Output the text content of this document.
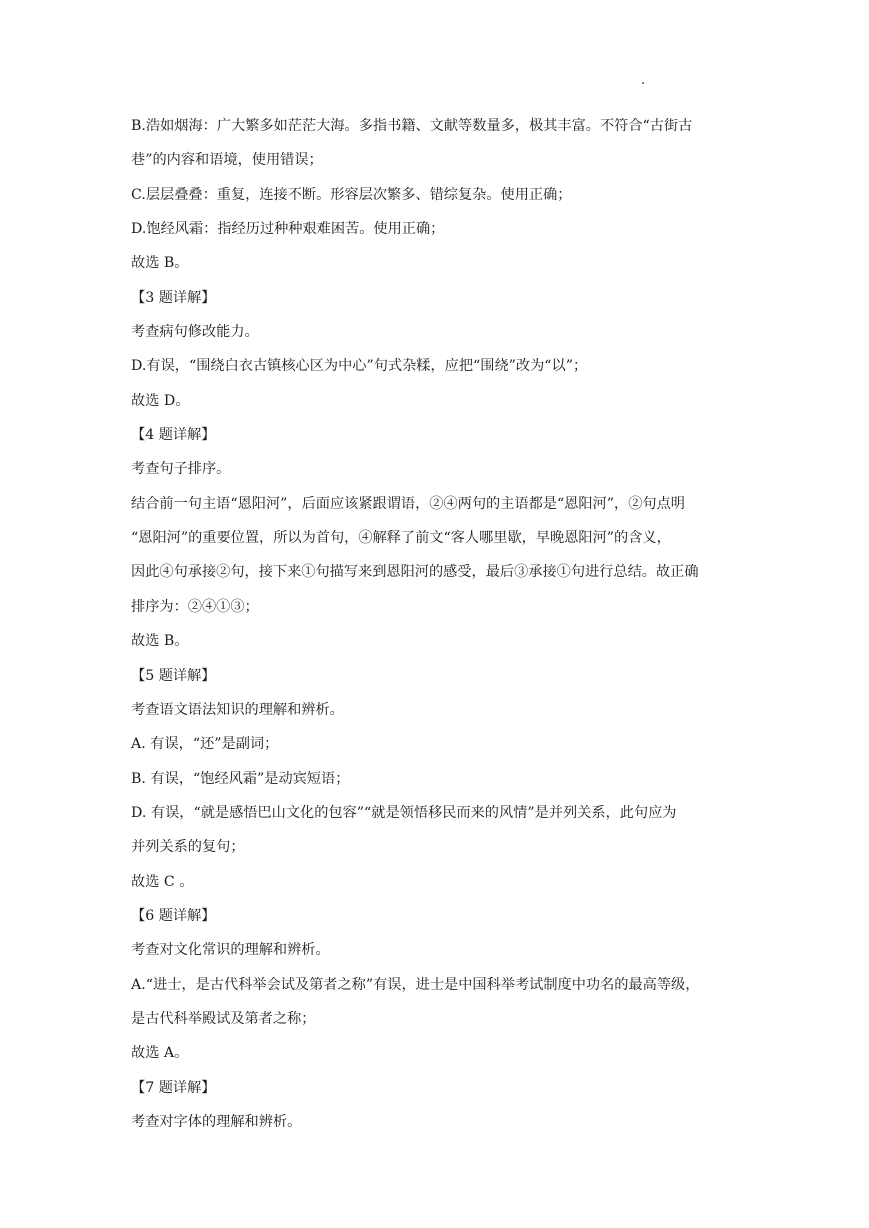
B.浩如烟海：广大繁多如茫茫大海。多指书籍、文献等数量多，极其丰富。不符合“古街古
巷”的内容和语境，使用错误；
C.层层叠叠：重复，连接不断。形容层次繁多、错综复杂。使用正确；
D.饱经风霜：指经历过种种艰难困苦。使用正确；
故选 B。
【3 题详解】
考查病句修改能力。
D.有误，“围绕白衣古镇核心区为中心”句式杂糅，应把“围绕”改为“以”；
故选 D。
【4 题详解】
考查句子排序。
结合前一句主语“恩阳河”，后面应该紧跟谓语，②④两句的主语都是“恩阳河”，②句点明
“恩阳河”的重要位置，所以为首句，④解释了前文“客人哪里歇，早晚恩阳河”的含义，
因此④句承接②句，接下来①句描写来到恩阳河的感受，最后③承接①句进行总结。故正确
排序为：②④①③；
故选 B。
【5 题详解】
考查语文语法知识的理解和辨析。
A. 有误，“还”是副词；
B. 有误，“饱经风霜”是动宾短语；
D. 有误，“就是感悟巴山文化的包容”“就是领悟移民而来的风情”是并列关系，此句应为
并列关系的复句；
故选 C 。
【6 题详解】
考查对文化常识的理解和辨析。
A.“进士，是古代科举会试及第者之称”有误，进士是中国科举考试制度中功名的最高等级，
是古代科举殿试及第者之称；
故选 A。
【7 题详解】
考查对字体的理解和辨析。
